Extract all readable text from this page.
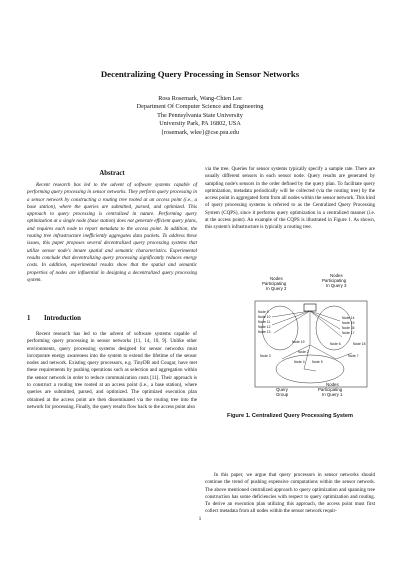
Decentralizing Query Processing in Sensor Networks
Ross Rosemark, Wang-Chien Lee
Department Of Computer Science and Engineering
The Pennsylvania State University
University Park, PA 16802, USA
{rosemark, wlee}@cse.psu.edu
Abstract

Recent research has led to the advent of software systems capable of performing query processing in sensor networks. They perform query processing in a sensor network by constructing a routing tree rooted at an access point (i.e., a base station), where the queries are submitted, parsed, and optimized. This approach to query processing is centralized in nature. Performing query optimization at a single node (base station) does not generate efficient query plans, and requires each node to report metadata to the access point. In addition, the routing tree infrastructure inefficiently aggregates data packets. To address these issues, this paper proposes several decentralized query processing systems that utilize sensor node's innate spatial and semantic characteristics. Experimental results conclude that decentralizing query processing significantly reduces energy costs. In addition, experimental results show that the spatial and semantic properties of nodes are influential in designing a decentralized query processing system.

1 Introduction

Recent research has led to the advent of software systems capable of performing query processing in sensor networks [11, 14, 10, 9]. Unlike other environments, query processing systems designed for sensor networks must incorporate energy awareness into the system to extend the lifetime of the sensor nodes and network. Existing query processors, e.g. TinyDB and Cougar, have met these requirements by pushing operations such as selection and aggregation within the sensor network in order to reduce communication costs [11]. Their approach is to construct a routing tree rooted at an access point (i.e., a base station), where queries are submitted, parsed, and optimized. The optimized execution plan obtained at the access point are then disseminated via the routing tree into the network for processing. Finally, the query results flow back to the access point also

via the tree. Queries for sensor systems typically specify a sample rate. There are usually different sensors in each sensor node. Query results are generated by sampling node's sensors in the order defined by the query plan. To facilitate query optimization, metadata periodically will be collected (via the routing tree) by the access point in aggregated form from all nodes within the sensor network. This kind of query processing systems is referred to as the Centralized Query Processing System (CQPS), since it performs query optimization in a centralized manner (i.e. at the access point). An example of the CQPS is illustrated in Figure 1. As shown, this system's infrastructure is typically a routing tree.

Nodes
Participating
In Query 2
Nodes
Participating
In Query 3
Node 9
Node 10
Node 11
Node 12
Node 13
Node 14
Node 15
Node 16
Node 17
Node 18
Node 19	Node 6
Node 7
Node 3
Node 4 Node 5
Node 2
Query
Group
Nodes
Participating
In Query 1
Figure 1. Centralized Query Processing System

In this paper, we argue that query processors in sensor networks should continue the trend of pushing expensive computations within the sensor network. The above mentioned centralized approach to query optimization and spanning tree construction has some deficiencies with respect to query optimization and routing. To derive an execution plan utilizing this approach, the access point must first collect metadata from all nodes within the sensor network requir-

1
